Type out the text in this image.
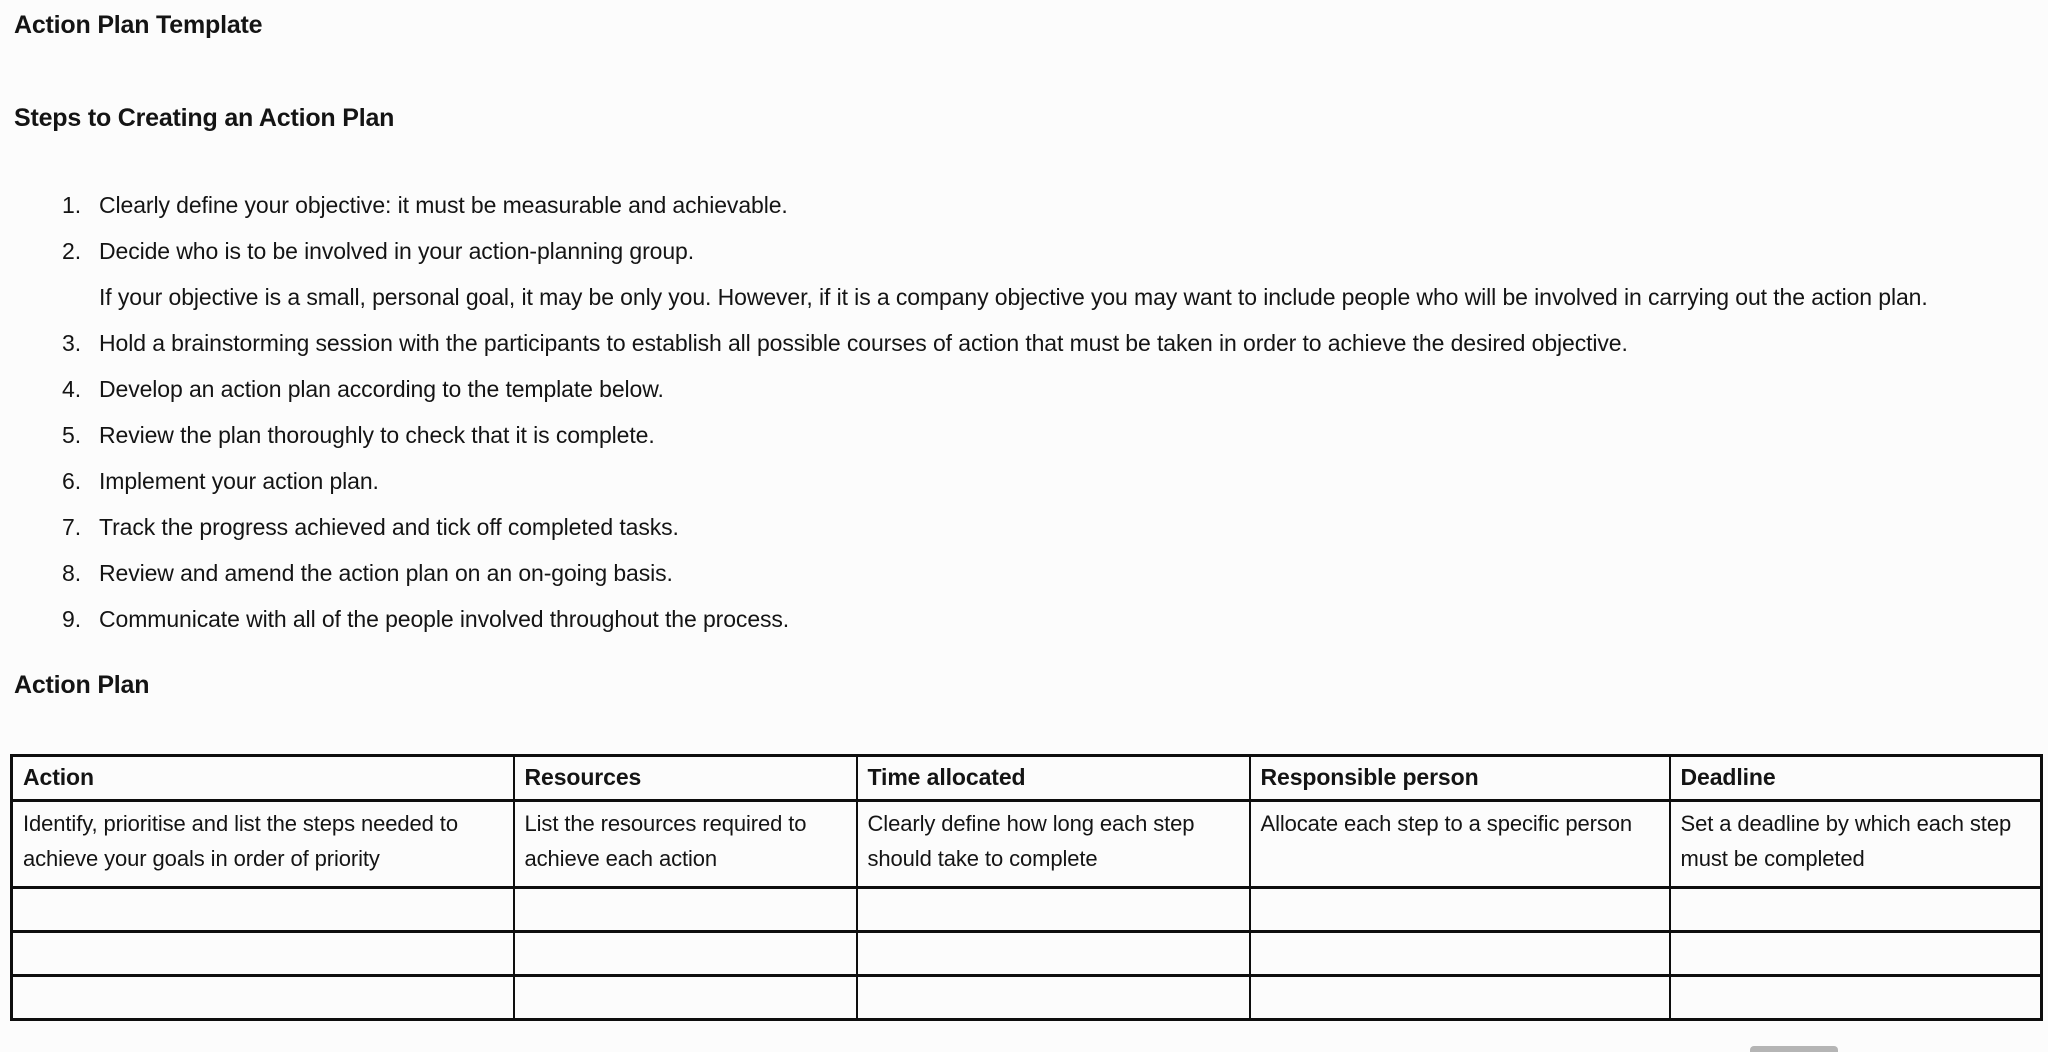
Action Plan Template
Steps to Creating an Action Plan
1. Clearly define your objective: it must be measurable and achievable.
2. Decide who is to be involved in your action-planning group.
If your objective is a small, personal goal, it may be only you. However, if it is a company objective you may want to include people who will be involved in carrying out the action plan.
3. Hold a brainstorming session with the participants to establish all possible courses of action that must be taken in order to achieve the desired objective.
4. Develop an action plan according to the template below.
5. Review the plan thoroughly to check that it is complete.
6. Implement your action plan.
7. Track the progress achieved and tick off completed tasks.
8. Review and amend the action plan on an on-going basis.
9. Communicate with all of the people involved throughout the process.
Action Plan
Action	Resources	Time allocated	Responsible person	Deadline
Identify, prioritise and list the steps needed to achieve your goals in order of priority	List the resources required to achieve each action	Clearly define how long each step should take to complete	Allocate each step to a specific person	Set a deadline by which each step must be completed
